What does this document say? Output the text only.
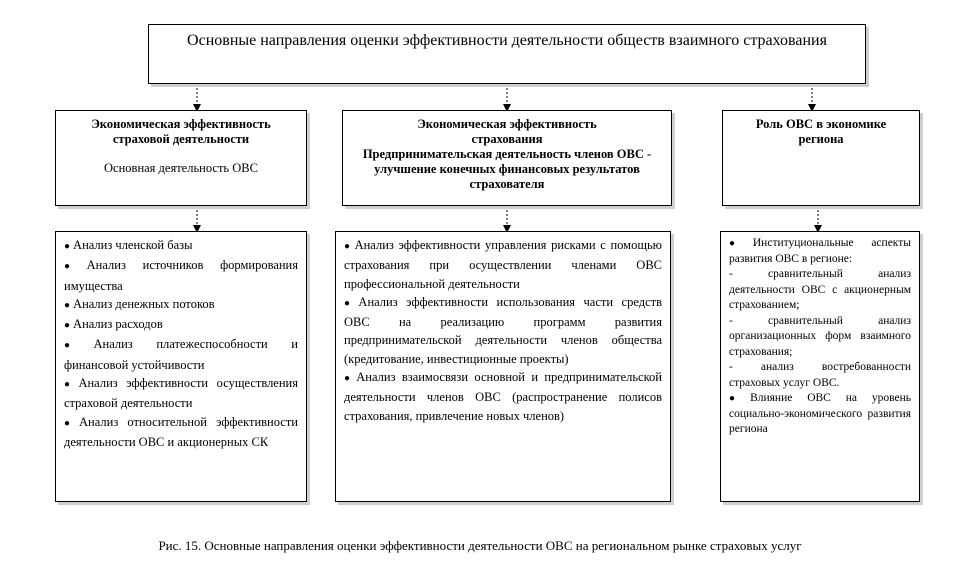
Основные направления оценки эффективности деятельности обществ взаимного страхования
Экономическая эффективность
страховой деятельности
Основная деятельность ОВС
Экономическая эффективность
страхования
Предпринимательская деятельность членов ОВС - улучшение конечных финансовых результатов страхователя
Роль ОВС в экономике
региона

● Анализ членской базы

● Анализ источников формирования имущества

● Анализ денежных потоков

● Анализ расходов

● Анализ платежеспособности и финансовой устойчивости

● Анализ эффективности осуществления страховой деятельности

● Анализ относительной эффективности деятельности ОВС и акционерных СК

● Анализ эффективности управления рисками с помощью страхования при осуществлении членами ОВС профессиональной деятельности

● Анализ эффективности использования части средств ОВС на реализацию программ развития предпринимательской деятельности членов общества (кредитование, инвестиционные проекты)

● Анализ взаимосвязи основной и предпринимательской деятельности членов ОВС (распространение полисов страхования, привлечение новых членов)

● Институциональные аспекты развития ОВС в регионе:

- сравнительный анализ деятельности ОВС с акционерным страхованием;

- сравнительный анализ организационных форм взаимного страхования;

- анализ востребованности страховых услуг ОВС.

● Влияние ОВС на уровень социально-экономического развития региона

Рис. 15. Основные направления оценки эффективности деятельности ОВС на региональном рынке страховых услуг
